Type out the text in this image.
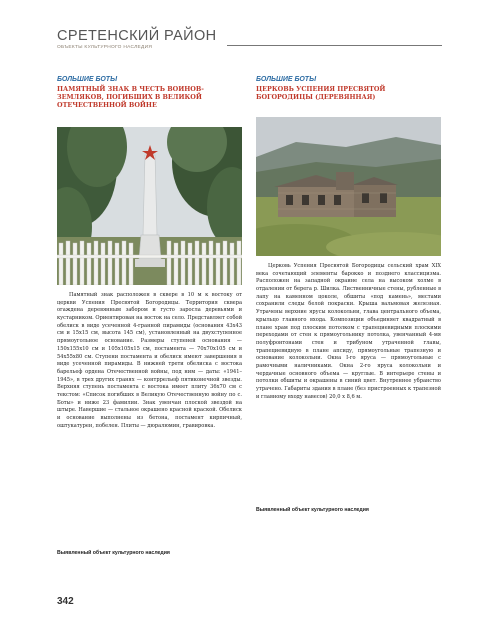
СРЕТЕНСКИЙ РАЙОН
ОБЪЕКТЫ КУЛЬТУРНОГО НАСЛЕДИЯ
БОЛЬШИЕ БОТЫ
ПАМЯТНЫЙ ЗНАК В ЧЕСТЬ ВОИНОВ-ЗЕМЛЯКОВ, ПОГИБШИХ В ВЕЛИКОЙ ОТЕЧЕСТВЕННОЙ ВОЙНЕ

Памятный знак расположен в сквере в 10 м к востоку от церкви Успения Пресвятой Богородицы. Территория сквера огаждена деревянным забором и густо заросла деревьями и кустарником. Ориентирован на восток на село. Представляет собой обелиск в виде усеченной 4-гранной пирамиды (основания 43х43 см и 15х15 см, высота 145 см), установленный на двухступенное прямоугольное основание. Размеры ступеней основания — 150х155х10 см и 105х105х15 см, постамента — 70х70х105 см и 54х55х80 см. Ступени постамента и обелиск имеют завершения в виде усеченной пирамиды. В нижней трети обелиска с востока барельеф ордена Отечественной войны, под ним — даты: «1941–1945», в трех других гранях — контррельеф пятиконечной звезды. Верхняя ступень постамента с востока имеет плиту 36х70 см с текстом: «Список погибших в Великую Отечественную войну по с. Боты» и ниже 23 фамилии. Знак увенчан плоской звездой на штыре. Навершие — стальное окрашено красной краской. Обелиск и основание выполнены из бетона, постамент кирпичный, оштукатурен, побелен. Плиты — дюралюмин, гравировка.

Выявленный объект культурного наследия
БОЛЬШИЕ БОТЫ
ЦЕРКОВЬ УСПЕНИЯ ПРЕСВЯТОЙ БОГОРОДИЦЫ (ДЕРЕВЯННАЯ)

Церковь Успения Пресвятой Богородицы сельский храм XIX века сочетающий элементы барокко и позднего классицизма. Расположен на западной окраине села на высоком холме в отдалении от берега р. Шилка. Лиственничные стены, рубленные в лапу на каменном цоколе, обшиты «под камень», местами сохранили следы белой покраски. Крыша вальмовая железная. Утрачены верхние ярусы колокольни, глава центрального объема, крыльцо главного входа. Композиции объединяет квадратный в плане храм под плоским потолком с трапециевидными плоскими переходами от стен к прямоугольнику потолка, увенчанный 4-мя полуфронтонами стен и трибуном утраченной главы, трапециевидную в плане апсиду, прямоугольные трапезную и основание колокольни. Окна I-го яруса — прямоугольные с рамочными наличниками. Окна 2-го яруса колокольни и чердачные основного объема — круглые. В интерьере стены и потолки обшиты и окрашены в синий цвет. Внутреннее убранство утрачено. Габариты здания в плане (без пристроенных к трапезной и главному входу навесов) 20,0 х 8,6 м.

Выявленный объект культурного наследия
342
